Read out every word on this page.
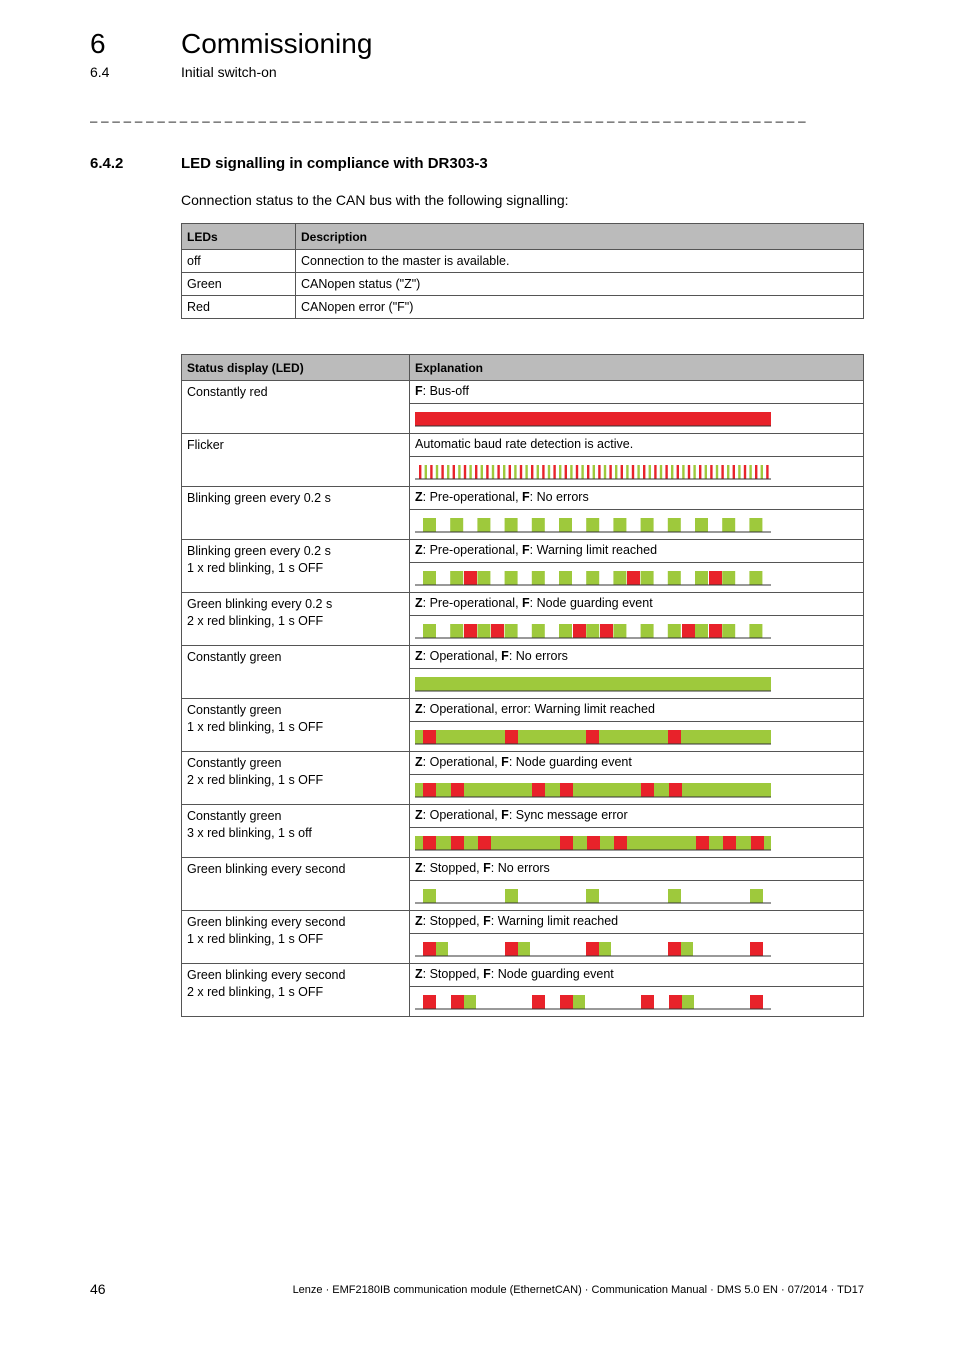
6	Commissioning
6.4	Initial switch-on
_ _ _ _ _ _ _ _ _ _ _ _ _ _ _ _ _ _ _ _ _ _ _ _ _ _ _ _ _ _ _ _ _ _ _ _ _ _ _ _ _ _ _ _ _ _ _ _ _ _ _ _ _ _ _ _ _ _ _ _ _ _ _ _
6.4.2	LED signalling in compliance with DR303-3
Connection status to the CAN bus with the following signalling:
LEDs	Description
off	Connection to the master is available.
Green	CANopen status ("Z")
Red	CANopen error ("F")
Status display (LED)	Explanation

Constantly red	F: Bus-off

Flicker	Automatic baud rate detection is active.

Blinking green every 0.2 s	Z: Pre-operational, F: No errors

Blinking green every 0.2 s
1 x red blinking, 1 s OFF	Z: Pre-operational, F: Warning limit reached

Green blinking every 0.2 s
2 x red blinking, 1 s OFF	Z: Pre-operational, F: Node guarding event

Constantly green	Z: Operational, F: No errors

Constantly green
1 x red blinking, 1 s OFF	Z: Operational, error: Warning limit reached

Constantly green
2 x red blinking, 1 s OFF	Z: Operational, F: Node guarding event

Constantly green
3 x red blinking, 1 s off	Z: Operational, F: Sync message error

Green blinking every second	Z: Stopped, F: No errors

Green blinking every second
1 x red blinking, 1 s OFF	Z: Stopped, F: Warning limit reached

Green blinking every second
2 x red blinking, 1 s OFF	Z: Stopped, F: Node guarding event

46	Lenze · EMF2180IB communication module (EthernetCAN) · Communication Manual · DMS 5.0 EN · 07/2014 · TD17
